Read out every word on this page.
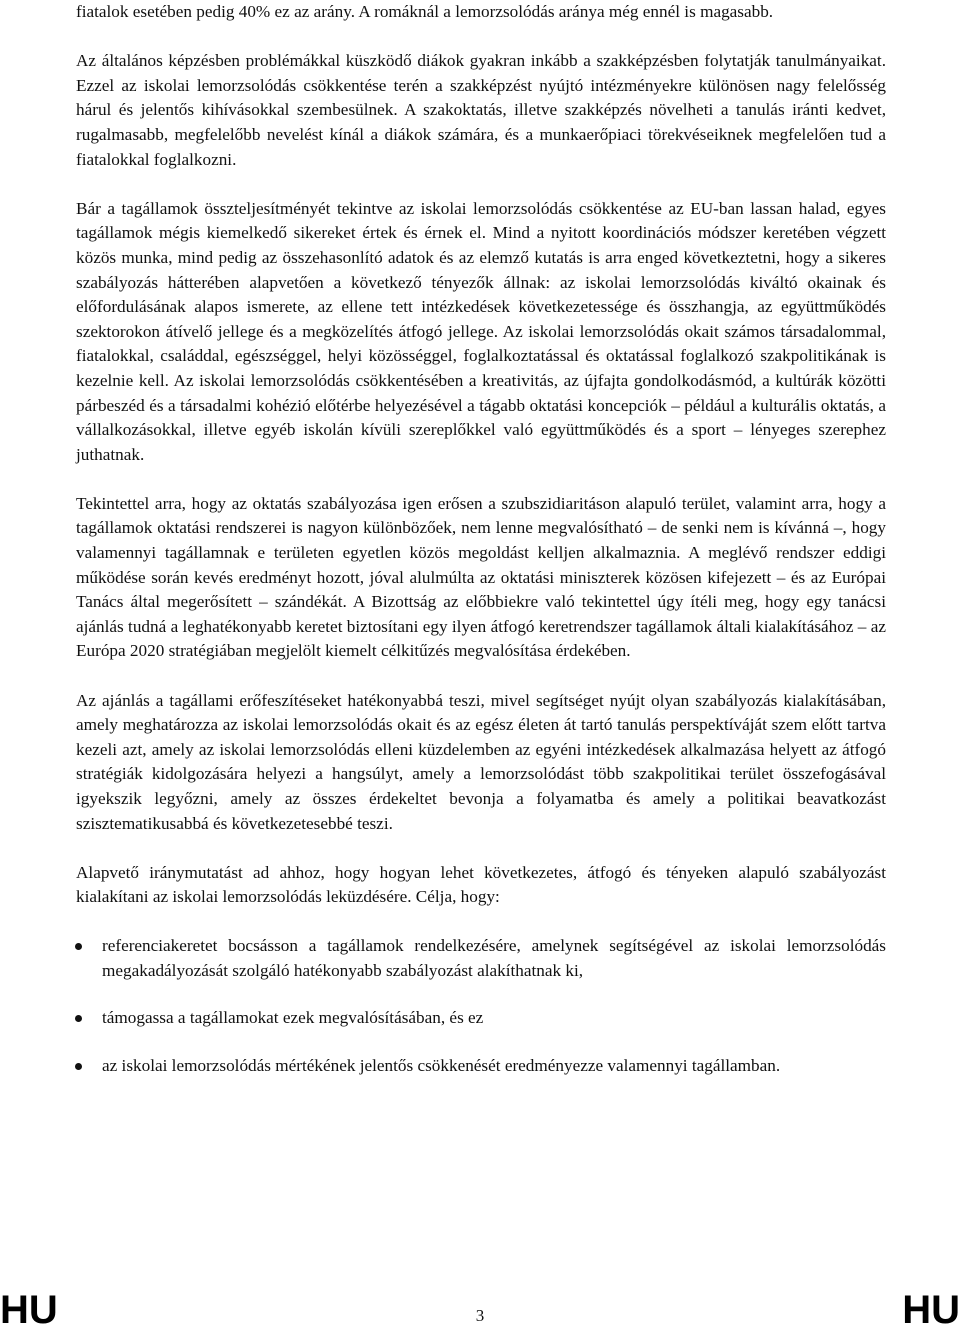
fiatalok esetében pedig 40% ez az arány. A romáknál a lemorzsolódás aránya még ennél is magasabb.

Az általános képzésben problémákkal küszködő diákok gyakran inkább a szakképzésben folytatják tanulmányaikat. Ezzel az iskolai lemorzsolódás csökkentése terén a szakképzést nyújtó intézményekre különösen nagy felelősség hárul és jelentős kihívásokkal szembesülnek. A szakoktatás, illetve szakképzés növelheti a tanulás iránti kedvet, rugalmasabb, megfelelőbb nevelést kínál a diákok számára, és a munkaerőpiaci törekvéseiknek megfelelően tud a fiatalokkal foglalkozni.

Bár a tagállamok összteljesítményét tekintve az iskolai lemorzsolódás csökkentése az EU-ban lassan halad, egyes tagállamok mégis kiemelkedő sikereket értek és érnek el. Mind a nyitott koordinációs módszer keretében végzett közös munka, mind pedig az összehasonlító adatok és az elemző kutatás is arra enged következtetni, hogy a sikeres szabályozás hátterében alapvetően a következő tényezők állnak: az iskolai lemorzsolódás kiváltó okainak és előfordulásának alapos ismerete, az ellene tett intézkedések következetessége és összhangja, az együttműködés szektorokon átívelő jellege és a megközelítés átfogó jellege. Az iskolai lemorzsolódás okait számos társadalommal, fiatalokkal, családdal, egészséggel, helyi közösséggel, foglalkoztatással és oktatással foglalkozó szakpolitikának is kezelnie kell. Az iskolai lemorzsolódás csökkentésében a kreativitás, az újfajta gondolkodásmód, a kultúrák közötti párbeszéd és a társadalmi kohézió előtérbe helyezésével a tágabb oktatási koncepciók – például a kulturális oktatás, a vállalkozásokkal, illetve egyéb iskolán kívüli szereplőkkel való együttműködés és a sport – lényeges szerephez juthatnak.

Tekintettel arra, hogy az oktatás szabályozása igen erősen a szubszidiaritáson alapuló terület, valamint arra, hogy a tagállamok oktatási rendszerei is nagyon különbözőek, nem lenne megvalósítható – de senki nem is kívánná –, hogy valamennyi tagállamnak e területen egyetlen közös megoldást kelljen alkalmaznia. A meglévő rendszer eddigi működése során kevés eredményt hozott, jóval alulmúlta az oktatási miniszterek közösen kifejezett – és az Európai Tanács által megerősített – szándékát. A Bizottság az előbbiekre való tekintettel úgy ítéli meg, hogy egy tanácsi ajánlás tudná a leghatékonyabb keretet biztosítani egy ilyen átfogó keretrendszer tagállamok általi kialakításához – az Európa 2020 stratégiában megjelölt kiemelt célkitűzés megvalósítása érdekében.

Az ajánlás a tagállami erőfeszítéseket hatékonyabbá teszi, mivel segítséget nyújt olyan szabályozás kialakításában, amely meghatározza az iskolai lemorzsolódás okait és az egész életen át tartó tanulás perspektíváját szem előtt tartva kezeli azt, amely az iskolai lemorzsolódás elleni küzdelemben az egyéni intézkedések alkalmazása helyett az átfogó stratégiák kidolgozására helyezi a hangsúlyt, amely a lemorzsolódást több szakpolitikai terület összefogásával igyekszik legyőzni, amely az összes érdekeltet bevonja a folyamatba és amely a politikai beavatkozást szisztematikusabbá és következetesebbé teszi.

Alapvető iránymutatást ad ahhoz, hogy hogyan lehet következetes, átfogó és tényeken alapuló szabályozást kialakítani az iskolai lemorzsolódás leküzdésére. Célja, hogy:

referenciakeretet bocsásson a tagállamok rendelkezésére, amelynek segítségével az iskolai lemorzsolódás megakadályozását szolgáló hatékonyabb szabályozást alakíthatnak ki,
támogassa a tagállamokat ezek megvalósításában, és ez
az iskolai lemorzsolódás mértékének jelentős csökkenését eredményezze valamennyi tagállamban.
HU	3	HU
